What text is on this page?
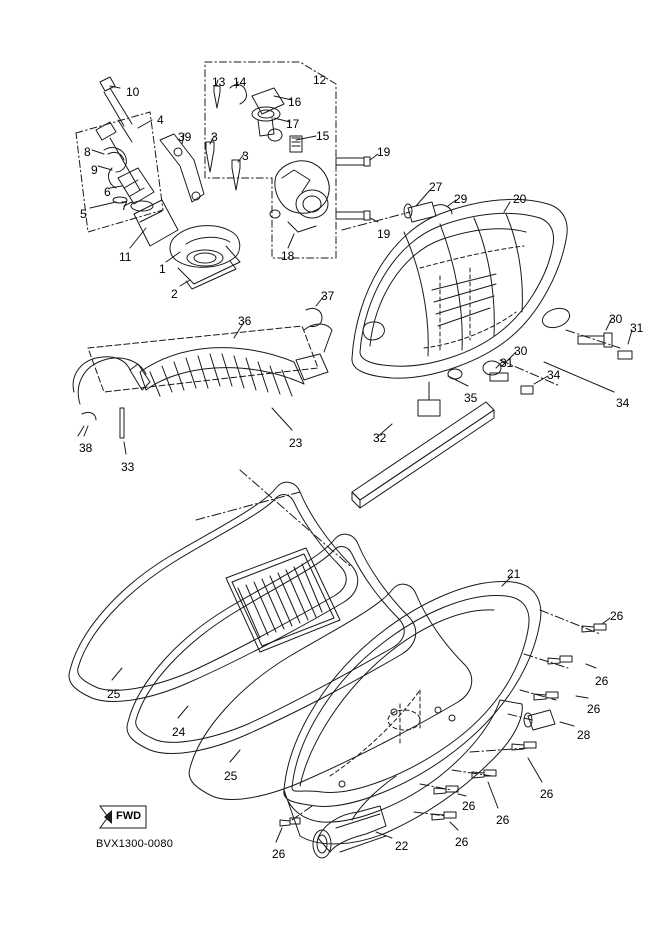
10
13 14	12
16
4	17
39 3	15
8
9
3	19
6	27
29	20
5
7
19
11	18
1
2	37
30
31
36
30
31
34
34
35
38
33
23	32
21
26
26
26
28
25
24
25
26
26
26
26
26
22
FWD
BVX1300-0080
